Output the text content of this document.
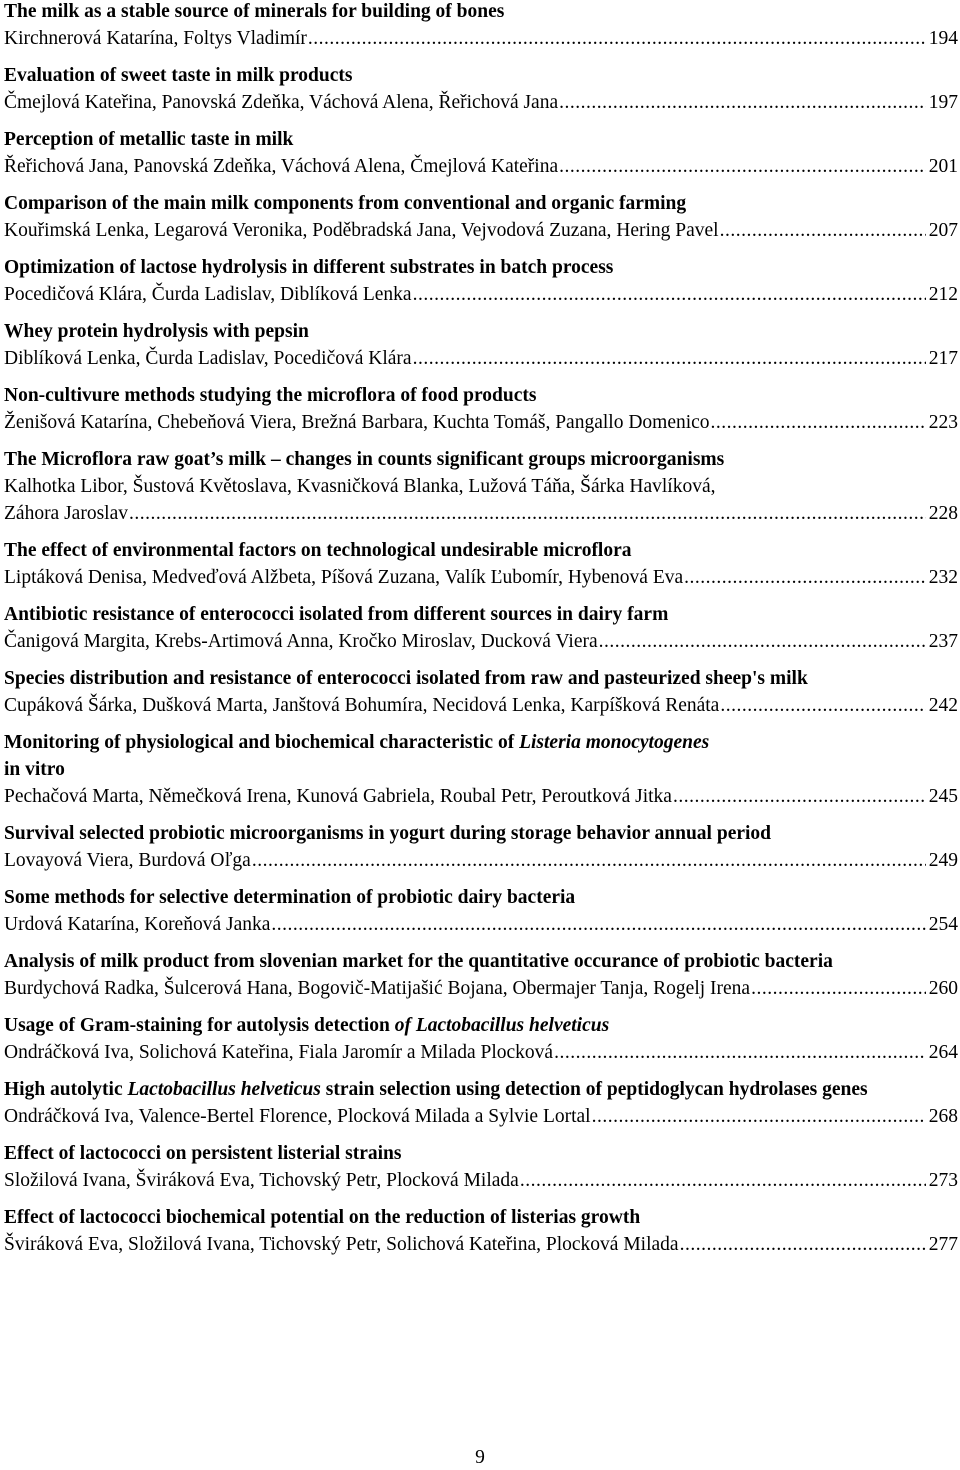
The milk as a stable source of minerals for building of bones
Kirchnerová Katarína, Foltys Vladimír .....	194
Evaluation of sweet taste in milk products
Čmejlová Kateřina, Panovská Zdeňka, Váchová Alena, Řeřichová Jana .....	197
Perception of metallic taste in milk
Řeřichová Jana, Panovská Zdeňka, Váchová Alena, Čmejlová Kateřina .....	201
Comparison of the main milk components from conventional and organic farming
Kouřimská Lenka, Legarová Veronika, Poděbradská Jana, Vejvodová Zuzana, Hering Pavel .....	207
Optimization of lactose hydrolysis in different substrates in batch process
Pocedičová Klára, Čurda Ladislav, Diblíková Lenka .....	212
Whey protein hydrolysis with pepsin
Diblíková Lenka, Čurda Ladislav, Pocedičová Klára .....	217
Non-cultivure methods studying the microflora of food products
Ženišová Katarína, Chebeňová Viera, Brežná Barbara, Kuchta Tomáš, Pangallo Domenico .....	223
The Microflora raw goat’s milk – changes in counts significant groups microorganisms
Kalhotka Libor, Šustová Květoslava, Kvasničková Blanka, Lužová Táňa, Šárka Havlíková,
Záhora Jaroslav .....	228
The effect of environmental factors on technological undesirable microflora
Liptáková Denisa, Medveďová Alžbeta, Píšová Zuzana, Valík Ľubomír, Hybenová Eva .....	232
Antibiotic resistance of enterococci isolated from different sources in dairy farm
Čanigová Margita, Krebs-Artimová Anna, Kročko Miroslav, Ducková Viera .....	237
Species distribution and resistance of enterococci isolated from raw and pasteurized sheep's milk
Cupáková Šárka, Dušková Marta, Janštová Bohumíra, Necidová Lenka, Karpíšková Renáta .....	242
Monitoring of physiological and biochemical characteristic of Listeria monocytogenes
in vitro
Pechačová Marta, Němečková Irena, Kunová Gabriela, Roubal Petr, Peroutková Jitka .....	245
Survival selected probiotic microorganisms in yogurt during storage behavior annual period
Lovayová Viera, Burdová Oľga .....	249
Some methods for selective determination of probiotic dairy bacteria
Urdová Katarína, Koreňová Janka .....	254
Analysis of milk product from slovenian market for the quantitative occurance of probiotic bacteria
Burdychová Radka, Šulcerová Hana, Bogovič-Matijašić Bojana, Obermajer Tanja, Rogelj Irena .....	260
Usage of Gram-staining for autolysis detection of Lactobacillus helveticus
Ondráčková Iva, Solichová Kateřina, Fiala Jaromír a Milada Plocková .....	264
High autolytic Lactobacillus helveticus strain selection using detection of peptidoglycan hydrolases genes
Ondráčková Iva, Valence-Bertel Florence, Plocková Milada a Sylvie Lortal .....	268
Effect of lactococci on persistent listerial strains
Složilová Ivana, Šviráková Eva, Tichovský Petr, Plocková Milada .....	273
Effect of lactococci biochemical potential on the reduction of listerias growth
Šviráková Eva, Složilová Ivana, Tichovský Petr, Solichová Kateřina, Plocková Milada .....	277
9
